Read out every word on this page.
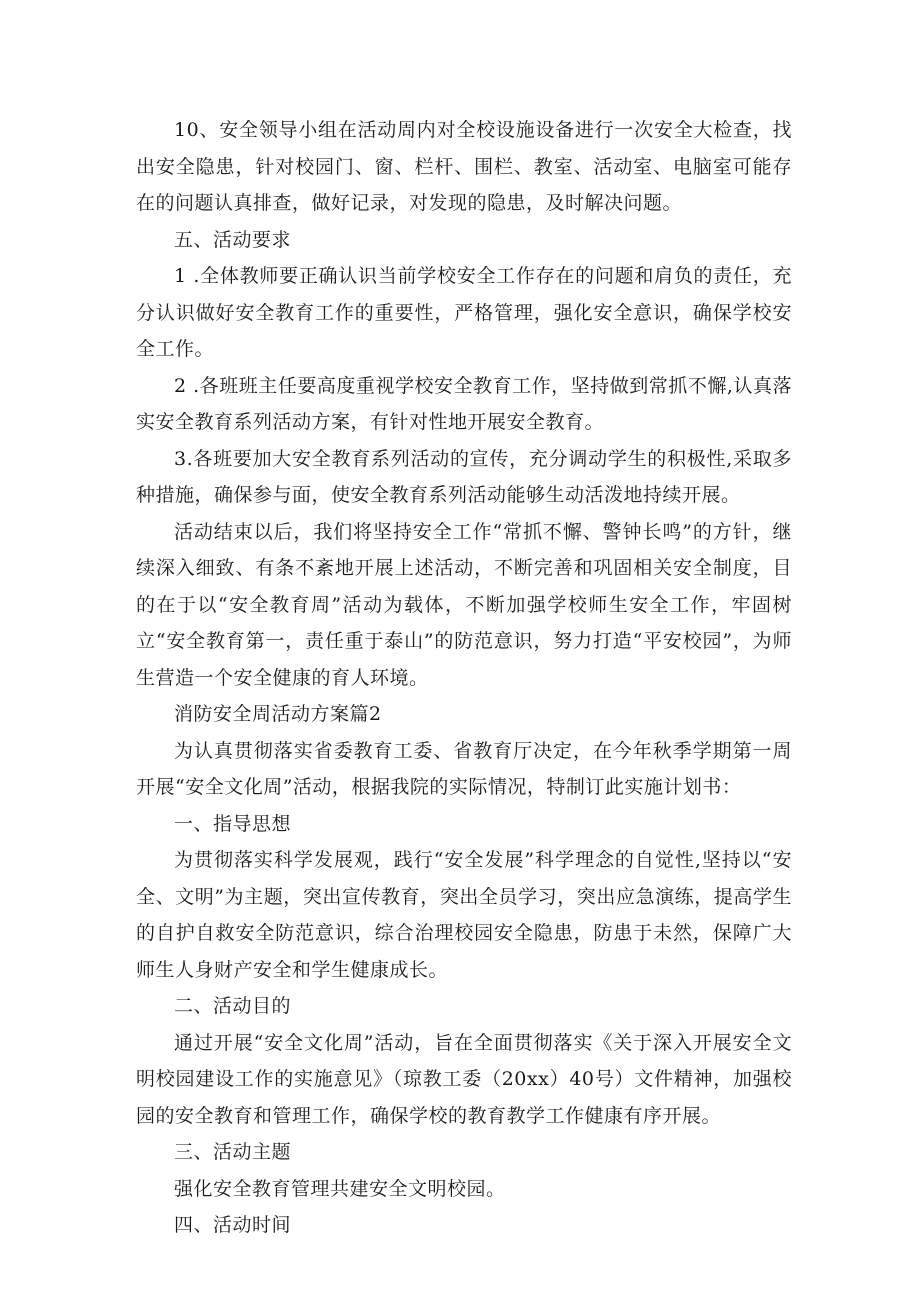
10、安全领导小组在活动周内对全校设施设备进行一次安全大检查，找出安全隐患，针对校园门、窗、栏杆、围栏、教室、活动室、电脑室可能存在的问题认真排查，做好记录，对发现的隐患，及时解决问题。

五、活动要求

1 .全体教师要正确认识当前学校安全工作存在的问题和肩负的责任，充分认识做好安全教育工作的重要性，严格管理，强化安全意识，确保学校安全工作。

2 .各班班主任要高度重视学校安全教育工作，坚持做到常抓不懈,认真落实安全教育系列活动方案，有针对性地开展安全教育。

3.各班要加大安全教育系列活动的宣传，充分调动学生的积极性,采取多种措施，确保参与面，使安全教育系列活动能够生动活泼地持续开展。

活动结束以后，我们将坚持安全工作“常抓不懈、警钟长鸣”的方针，继续深入细致、有条不紊地开展上述活动，不断完善和巩固相关安全制度，目的在于以“安全教育周”活动为载体，不断加强学校师生安全工作，牢固树立“安全教育第一，责任重于泰山”的防范意识，努力打造“平安校园”，为师生营造一个安全健康的育人环境。

消防安全周活动方案篇2

为认真贯彻落实省委教育工委、省教育厅决定，在今年秋季学期第一周开展“安全文化周”活动，根据我院的实际情况，特制订此实施计划书：

一、指导思想

为贯彻落实科学发展观，践行“安全发展”科学理念的自觉性,坚持以“安全、文明”为主题，突出宣传教育，突出全员学习，突出应急演练，提高学生的自护自救安全防范意识，综合治理校园安全隐患，防患于未然，保障广大师生人身财产安全和学生健康成长。

二、活动目的

通过开展“安全文化周”活动，旨在全面贯彻落实《关于深入开展安全文明校园建设工作的实施意见》（琼教工委（20xx）40号）文件精神，加强校园的安全教育和管理工作，确保学校的教育教学工作健康有序开展。

三、活动主题

强化安全教育管理共建安全文明校园。

四、活动时间
